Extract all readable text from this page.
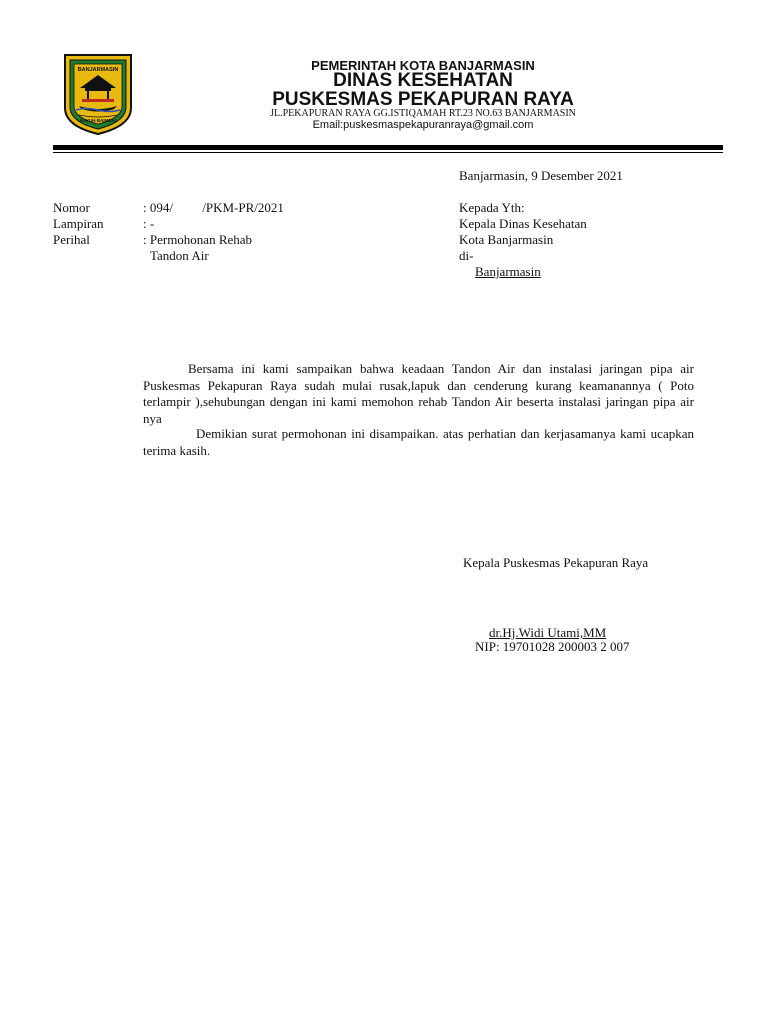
BANJARMASIN
KAYUH BAIMBAI
PEMERINTAH KOTA BANJARMASIN
DINAS KESEHATAN
PUSKESMAS PEKAPURAN RAYA
JL.PEKAPURAN RAYA GG.ISTIQAMAH RT.23 NO.63 BANJARMASIN
Email:puskesmaspekapuranraya@gmail.com
Banjarmasin, 9 Desember 2021
Nomor	: 094/         /PKM-PR/2021
Lampiran	: -
Perihal	: Permohonan Rehab
Tandon Air
Kepada Yth:
Kepala Dinas Kesehatan
Kota Banjarmasin
di-
Banjarmasin
Bersama ini kami sampaikan bahwa keadaan Tandon Air dan instalasi jaringan pipa air Puskesmas Pekapuran Raya sudah mulai rusak,lapuk dan cenderung kurang keamanannya ( Poto terlampir ),sehubungan dengan ini kami memohon rehab Tandon Air beserta instalasi jaringan pipa air nya
Demikian surat permohonan ini disampaikan. atas perhatian dan kerjasamanya kami ucapkan terima kasih.
Kepala Puskesmas Pekapuran Raya
dr.Hj.Widi Utami,MM
NIP: 19701028 200003 2 007
